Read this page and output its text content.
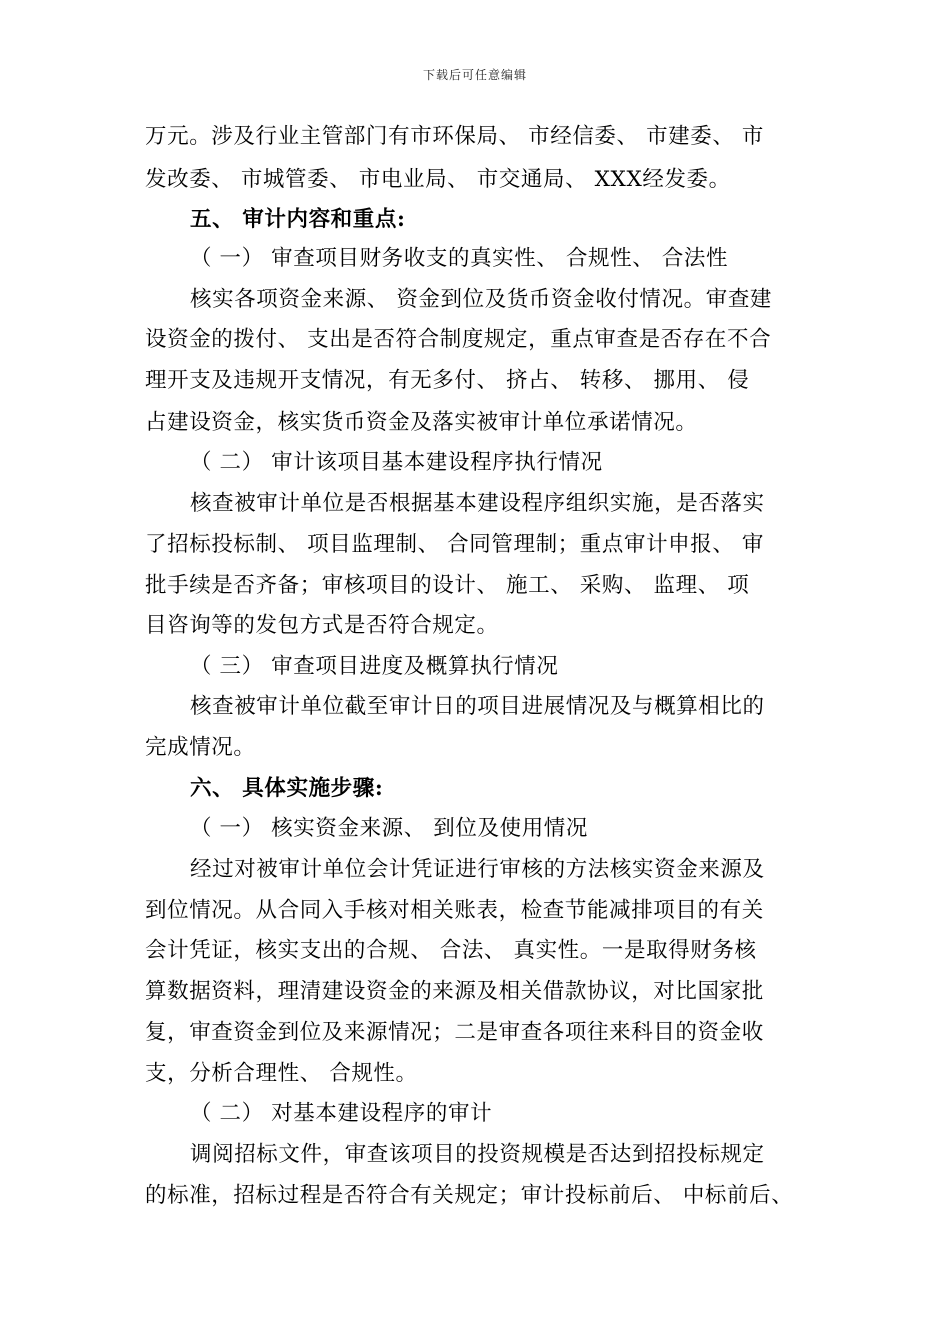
下载后可任意编辑
万元。涉及行业主管部门有市环保局、 市经信委、 市建委、 市
发改委、 市城管委、 市电业局、 市交通局、 XXX经发委。
五、 审计内容和重点:
（ 一） 审查项目财务收支的真实性、 合规性、 合法性
核实各项资金来源、 资金到位及货币资金收付情况。审查建
设资金的拨付、 支出是否符合制度规定，重点审查是否存在不合
理开支及违规开支情况，有无多付、 挤占、 转移、 挪用、 侵
占建设资金，核实货币资金及落实被审计单位承诺情况。
（ 二） 审计该项目基本建设程序执行情况
核查被审计单位是否根据基本建设程序组织实施，是否落实
了招标投标制、 项目监理制、 合同管理制；重点审计申报、 审
批手续是否齐备；审核项目的设计、 施工、 采购、 监理、 项
目咨询等的发包方式是否符合规定。
（ 三） 审查项目进度及概算执行情况
核查被审计单位截至审计日的项目进展情况及与概算相比的
完成情况。
六、 具体实施步骤:
（ 一） 核实资金来源、 到位及使用情况
经过对被审计单位会计凭证进行审核的方法核实资金来源及
到位情况。从合同入手核对相关账表，检查节能减排项目的有关
会计凭证，核实支出的合规、 合法、 真实性。一是取得财务核
算数据资料，理清建设资金的来源及相关借款协议，对比国家批
复，审查资金到位及来源情况；二是审查各项往来科目的资金收
支，分析合理性、 合规性。
（ 二） 对基本建设程序的审计
调阅招标文件，审查该项目的投资规模是否达到招投标规定
的标准，招标过程是否符合有关规定；审计投标前后、 中标前后、
